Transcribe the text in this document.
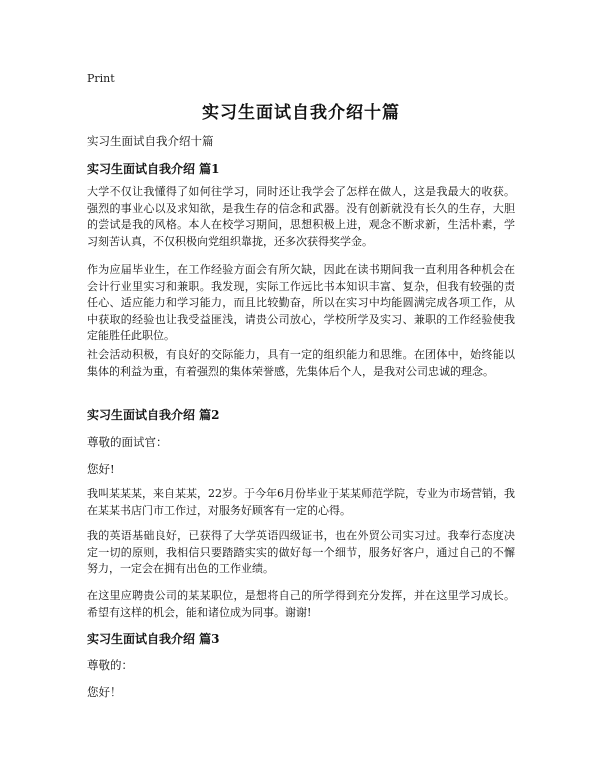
Print
实习生面试自我介绍十篇
实习生面试自我介绍十篇
实习生面试自我介绍 篇1
大学不仅让我懂得了如何往学习，同时还让我学会了怎样在做人，这是我最大的收获。强烈的事业心以及求知欲，是我生存的信念和武器。没有创新就没有长久的生存，大胆的尝试是我的风格。本人在校学习期间，思想积极上进，观念不断求新，生活朴素，学习刻苦认真，不仅积极向党组织靠拢，还多次获得奖学金。
作为应届毕业生，在工作经验方面会有所欠缺，因此在读书期间我一直利用各种机会在会计行业里实习和兼职。我发现，实际工作远比书本知识丰富、复杂，但我有较强的责任心、适应能力和学习能力，而且比较勤奋，所以在实习中均能圆满完成各项工作，从中获取的经验也让我受益匪浅，请贵公司放心，学校所学及实习、兼职的工作经验使我定能胜任此职位。
社会活动积极，有良好的交际能力，具有一定的组织能力和思维。在团体中，始终能以集体的利益为重，有着强烈的集体荣誉感，先集体后个人，是我对公司忠诚的理念。
实习生面试自我介绍 篇2
尊敬的面试官：
您好!
我叫某某某，来自某某，22岁。于今年6月份毕业于某某师范学院，专业为市场营销，我在某某书店门市工作过，对服务好顾客有一定的心得。
我的英语基础良好，已获得了大学英语四级证书，也在外贸公司实习过。我奉行态度决定一切的原则，我相信只要踏踏实实的做好每一个细节，服务好客户，通过自己的不懈努力，一定会在拥有出色的工作业绩。
在这里应聘贵公司的某某职位，是想将自己的所学得到充分发挥，并在这里学习成长。希望有这样的机会，能和诸位成为同事。谢谢!
实习生面试自我介绍 篇3
尊敬的：
您好！
